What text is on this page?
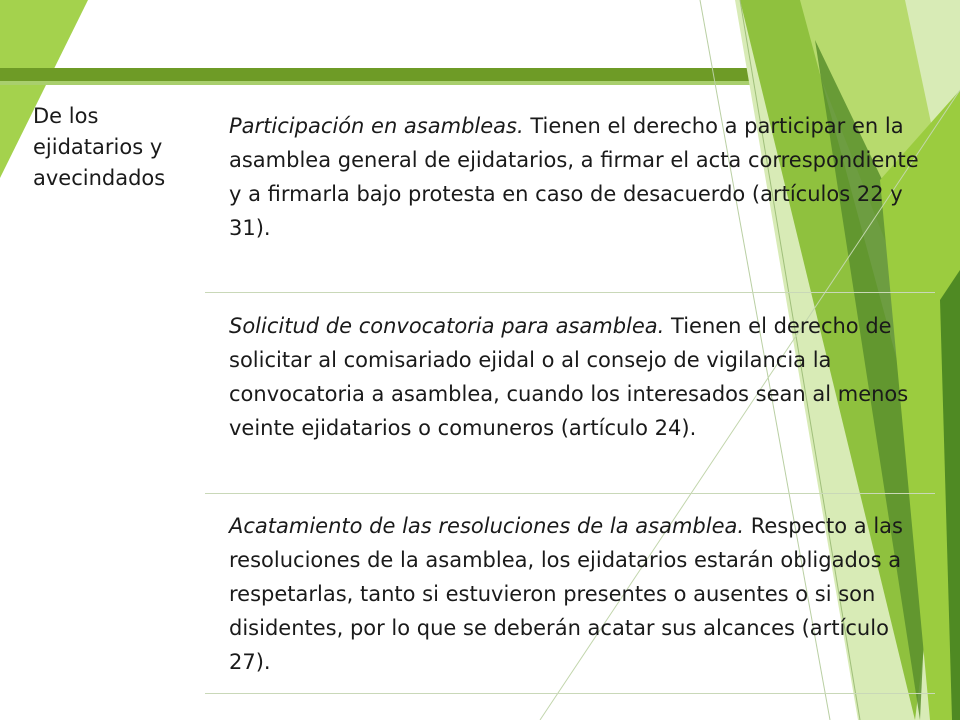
De los ejidatarios y avecindados
Participación en asambleas. Tienen el derecho a participar en la asamblea general de ejidatarios, a firmar el acta correspondiente y a firmarla bajo protesta en caso de desacuerdo (artículos 22 y 31).
Solicitud de convocatoria para asamblea. Tienen el derecho de solicitar al comisariado ejidal o al consejo de vigilancia la convocatoria a asamblea, cuando los interesados sean al menos veinte ejidatarios o comuneros (artículo 24).
Acatamiento de las resoluciones de la asamblea. Respecto a las resoluciones de la asamblea, los ejidatarios estarán obligados a respetarlas, tanto si estuvieron presentes o ausentes o si son disidentes, por lo que se deberán acatar sus alcances (artículo 27).
